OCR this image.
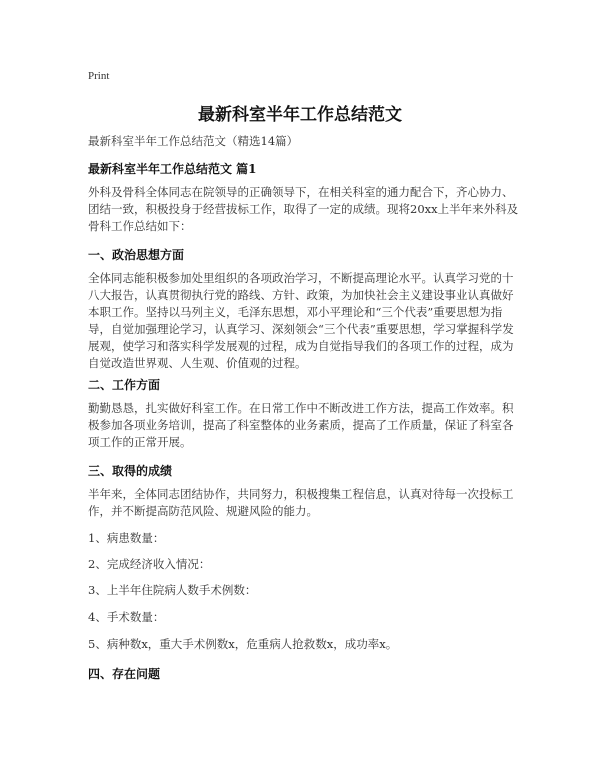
Print
最新科室半年工作总结范文
最新科室半年工作总结范文（精选14篇）
最新科室半年工作总结范文 篇1
外科及骨科全体同志在院领导的正确领导下，在相关科室的通力配合下，齐心协力、团结一致，积极投身于经营拔标工作，取得了一定的成绩。现将20xx上半年来外科及骨科工作总结如下：
一、政治思想方面
全体同志能积极参加处里组织的各项政治学习，不断提高理论水平。认真学习党的十八大报告，认真贯彻执行党的路线、方针、政策，为加快社会主义建设事业认真做好本职工作。坚持以马列主义，毛泽东思想，邓小平理论和“三个代表”重要思想为指导，自觉加强理论学习，认真学习、深刻领会“三个代表”重要思想，学习掌握科学发展观，使学习和落实科学发展观的过程，成为自觉指导我们的各项工作的过程，成为自觉改造世界观、人生观、价值观的过程。
二、工作方面
勤勤恳恳，扎实做好科室工作。在日常工作中不断改进工作方法，提高工作效率。积极参加各项业务培训，提高了科室整体的业务素质，提高了工作质量，保证了科室各项工作的正常开展。
三、取得的成绩
半年来，全体同志团结协作，共同努力，积极搜集工程信息，认真对待每一次投标工作，并不断提高防范风险、规避风险的能力。
1、病患数量：
2、完成经济收入情况：
3、上半年住院病人数手术例数：
4、手术数量：
5、病种数x，重大手术例数x，危重病人抢救数x，成功率x。
四、存在问题
